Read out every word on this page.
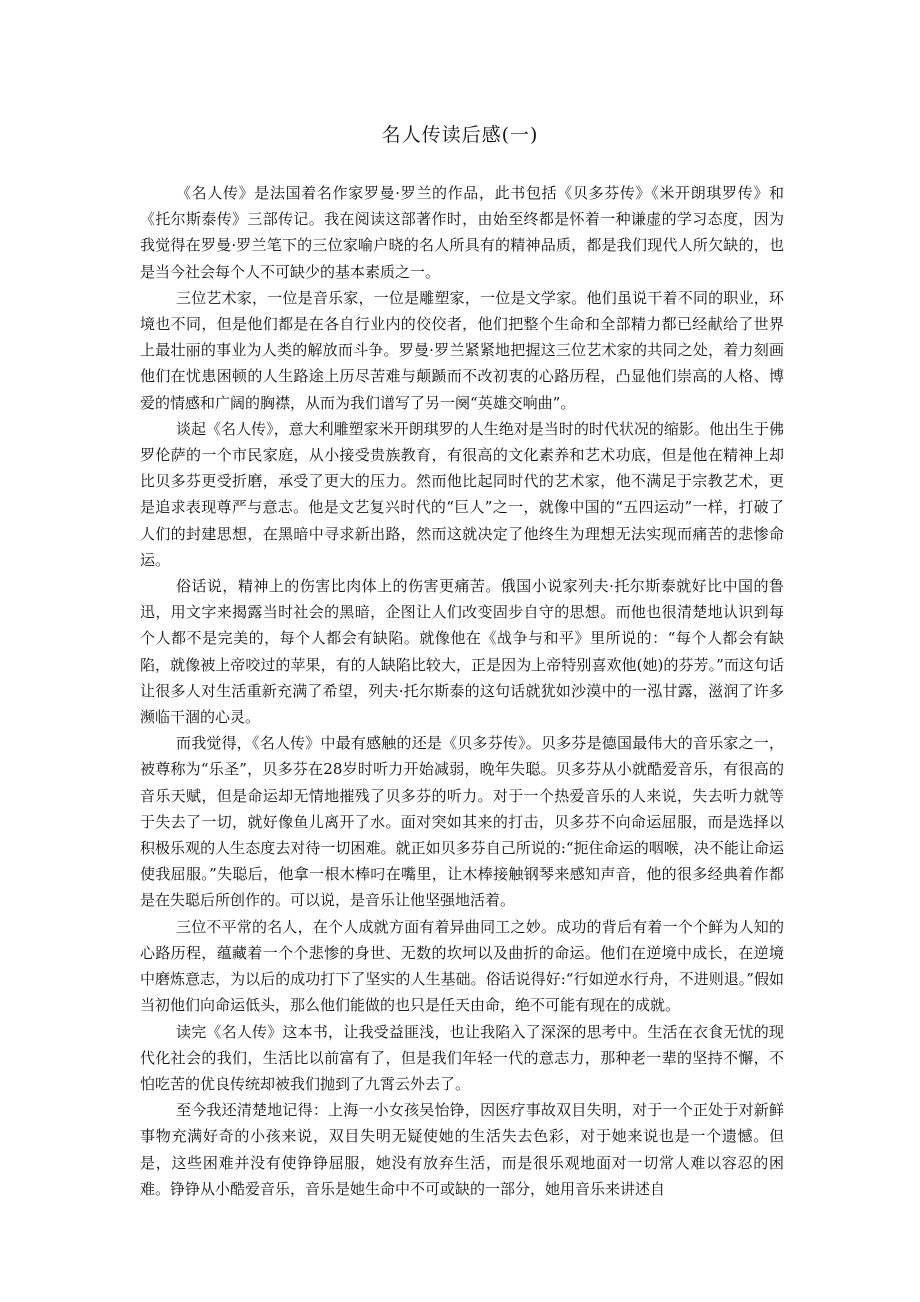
名人传读后感(一)

《名人传》是法国着名作家罗曼·罗兰的作品，此书包括《贝多芬传》《米开朗琪罗传》和《托尔斯泰传》三部传记。我在阅读这部著作时，由始至终都是怀着一种谦虚的学习态度，因为我觉得在罗曼·罗兰笔下的三位家喻户晓的名人所具有的精神品质，都是我们现代人所欠缺的，也是当今社会每个人不可缺少的基本素质之一。

三位艺术家，一位是音乐家，一位是雕塑家，一位是文学家。他们虽说干着不同的职业，环境也不同，但是他们都是在各自行业内的佼佼者，他们把整个生命和全部精力都已经献给了世界上最壮丽的事业为人类的解放而斗争。罗曼·罗兰紧紧地把握这三位艺术家的共同之处，着力刻画他们在忧患困顿的人生路途上历尽苦难与颠踬而不改初衷的心路历程，凸显他们崇高的人格、博爱的情感和广阔的胸襟，从而为我们谱写了另一阕“英雄交响曲”。

谈起《名人传》，意大利雕塑家米开朗琪罗的人生绝对是当时的时代状况的缩影。他出生于佛罗伦萨的一个市民家庭，从小接受贵族教育，有很高的文化素养和艺术功底，但是他在精神上却比贝多芬更受折磨，承受了更大的压力。然而他比起同时代的艺术家，他不满足于宗教艺术，更是追求表现尊严与意志。他是文艺复兴时代的“巨人”之一，就像中国的“五四运动”一样，打破了人们的封建思想，在黑暗中寻求新出路，然而这就决定了他终生为理想无法实现而痛苦的悲惨命运。

俗话说，精神上的伤害比肉体上的伤害更痛苦。俄国小说家列夫·托尔斯泰就好比中国的鲁迅，用文字来揭露当时社会的黑暗，企图让人们改变固步自守的思想。而他也很清楚地认识到每个人都不是完美的，每个人都会有缺陷。就像他在《战争与和平》里所说的：“每个人都会有缺陷，就像被上帝咬过的苹果，有的人缺陷比较大，正是因为上帝特别喜欢他(她)的芬芳。”而这句话让很多人对生活重新充满了希望，列夫·托尔斯泰的这句话就犹如沙漠中的一泓甘露，滋润了许多濒临干涸的心灵。

而我觉得，《名人传》中最有感触的还是《贝多芬传》。贝多芬是德国最伟大的音乐家之一，被尊称为“乐圣”，贝多芬在28岁时听力开始减弱，晚年失聪。贝多芬从小就酷爱音乐，有很高的音乐天赋，但是命运却无情地摧残了贝多芬的听力。对于一个热爱音乐的人来说，失去听力就等于失去了一切，就好像鱼儿离开了水。面对突如其来的打击，贝多芬不向命运屈服，而是选择以积极乐观的人生态度去对待一切困难。就正如贝多芬自己所说的:“扼住命运的咽喉，决不能让命运使我屈服。”失聪后，他拿一根木棒叼在嘴里，让木棒接触钢琴来感知声音，他的很多经典着作都是在失聪后所创作的。可以说，是音乐让他坚强地活着。

三位不平常的名人，在个人成就方面有着异曲同工之妙。成功的背后有着一个个鲜为人知的心路历程，蕴藏着一个个悲惨的身世、无数的坎坷以及曲折的命运。他们在逆境中成长，在逆境中磨炼意志，为以后的成功打下了坚实的人生基础。俗话说得好:“行如逆水行舟，不进则退。”假如当初他们向命运低头，那么他们能做的也只是任天由命，绝不可能有现在的成就。

读完《名人传》这本书，让我受益匪浅，也让我陷入了深深的思考中。生活在衣食无忧的现代化社会的我们，生活比以前富有了，但是我们年轻一代的意志力，那种老一辈的坚持不懈，不怕吃苦的优良传统却被我们抛到了九霄云外去了。

至今我还清楚地记得：上海一小女孩吴怡铮，因医疗事故双目失明，对于一个正处于对新鲜事物充满好奇的小孩来说，双目失明无疑使她的生活失去色彩，对于她来说也是一个遗憾。但是，这些困难并没有使铮铮屈服，她没有放弃生活，而是很乐观地面对一切常人难以容忍的困难。铮铮从小酷爱音乐，音乐是她生命中不可或缺的一部分，她用音乐来讲述自
